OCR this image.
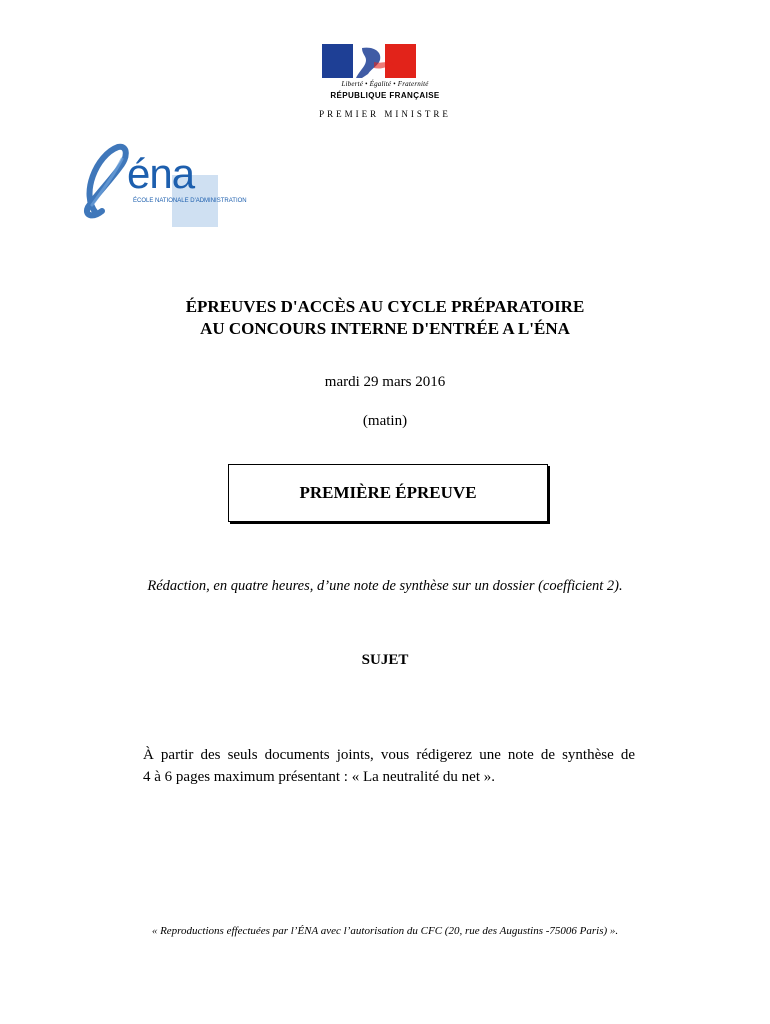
Liberté • Égalité • Fraternité
RÉPUBLIQUE FRANÇAISE
PREMIER MINISTRE
éna
ÉCOLE NATIONALE D'ADMINISTRATION
ÉPREUVES D'ACCÈS AU CYCLE PRÉPARATOIRE
AU CONCOURS INTERNE D'ENTRÉE A L'ÉNA
mardi 29 mars 2016
(matin)
PREMIÈRE ÉPREUVE
Rédaction, en quatre heures, d’une note de synthèse sur un dossier (coefficient 2).
SUJET
À partir des seuls documents joints, vous rédigerez une note de synthèse de
4 à 6 pages maximum présentant : « La neutralité du net ».
« Reproductions effectuées par l’ÉNA avec l’autorisation du CFC (20, rue des Augustins -75006 Paris) ».
